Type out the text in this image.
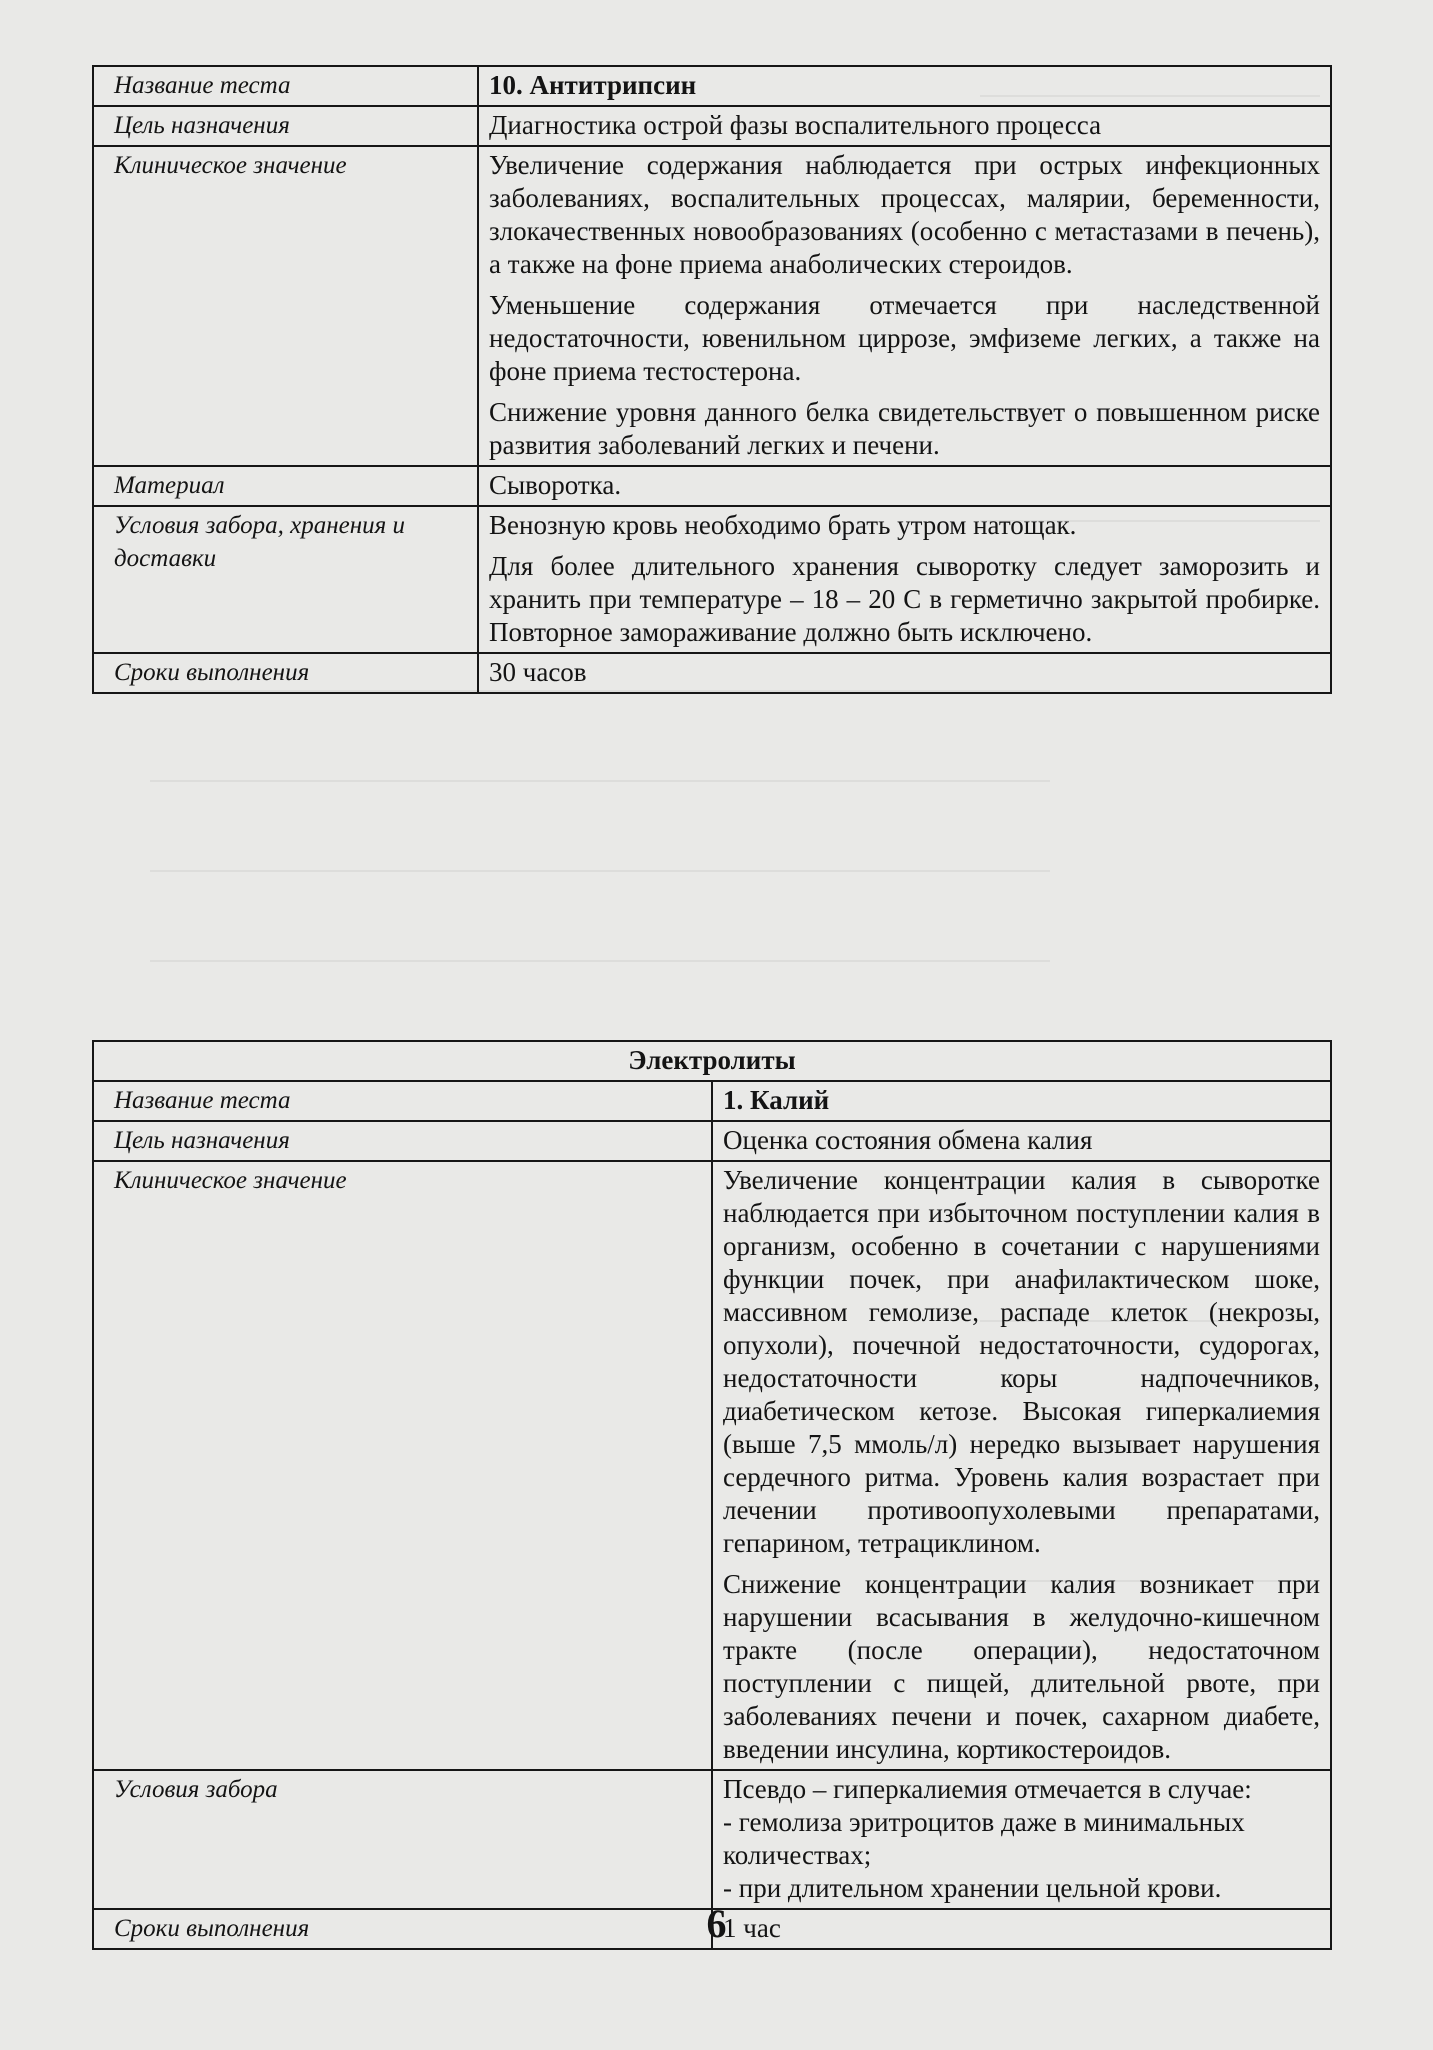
Название теста	10. Антитрипсин
Цель назначения	Диагностика острой фазы воспалительного процесса
Клиническое значение	Увеличение содержания наблюдается при острых инфекционных заболеваниях, воспалительных процессах, малярии, беременности, злокачественных новообразованиях (особенно с метастазами в печень), а также на фоне приема анаболических стероидов.

Уменьшение содержания отмечается при наследственной недостаточности, ювенильном циррозе, эмфиземе легких, а также на фоне приема тестостерона.

Снижение уровня данного белка свидетельствует о повышенном риске развития заболеваний легких и печени.

Материал	Сыворотка.
Условия забора, хранения и доставки	Венозную кровь необходимо брать утром натощак.

Для более длительного хранения сыворотку следует заморозить и хранить при температуре – 18 – 20 С в герметично закрытой пробирке. Повторное замораживание должно быть исключено.

Сроки выполнения	30 часов
Электролиты	
Название теста	1. Калий
Цель назначения	Оценка состояния обмена калия
Клиническое значение	Увеличение концентрации калия в сыворотке наблюдается при избыточном поступлении калия в организм, особенно в сочетании с нарушениями функции почек, при анафилактическом шоке, массивном гемолизе, распаде клеток (некрозы, опухоли), почечной недостаточности, судорогах, недостаточности коры надпочечников, диабетическом кетозе. Высокая гиперкалиемия (выше 7,5 ммоль/л) нередко вызывает нарушения сердечного ритма. Уровень калия возрастает при лечении противоопухолевыми препаратами, гепарином, тетрациклином.

Снижение концентрации калия возникает при нарушении всасывания в желудочно-кишечном тракте (после операции), недостаточном поступлении с пищей, длительной рвоте, при заболеваниях печени и почек, сахарном диабете, введении инсулина, кортикостероидов.

Условия забора	Псевдо – гиперкалиемия отмечается в случае:
- гемолиза эритроцитов даже в минимальных количествах;
- при длительном хранении цельной крови.

Сроки выполнения	1 час
6
